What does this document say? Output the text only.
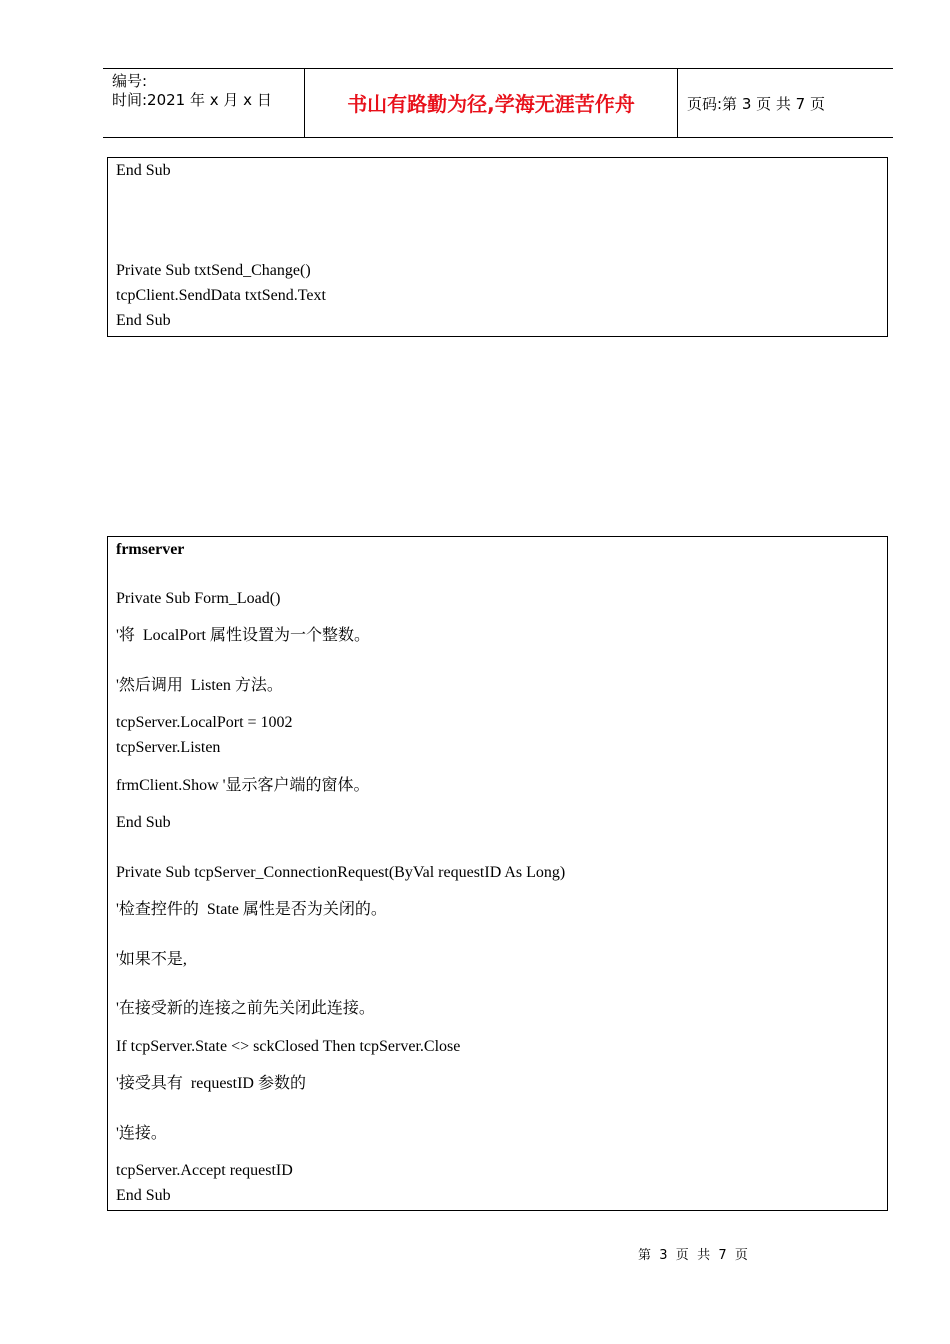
编号:
时间:2021 年 x 月 x 日	书山有路勤为径,学海无涯苦作舟	页码:第 3 页 共 7 页
End Sub
Private Sub txtSend_Change()
tcpClient.SendData txtSend.Text
End Sub
frmserver
Private Sub Form_Load()
'将  LocalPort 属性设置为一个整数。
'然后调用  Listen 方法。
tcpServer.LocalPort = 1002
tcpServer.Listen
frmClient.Show '显示客户端的窗体。
End Sub
Private Sub tcpServer_ConnectionRequest(ByVal requestID As Long)
'检查控件的  State 属性是否为关闭的。
'如果不是,
'在接受新的连接之前先关闭此连接。
If tcpServer.State <> sckClosed Then tcpServer.Close
'接受具有  requestID 参数的
'连接。
tcpServer.Accept requestID
End Sub
第  3  页  共  7  页
